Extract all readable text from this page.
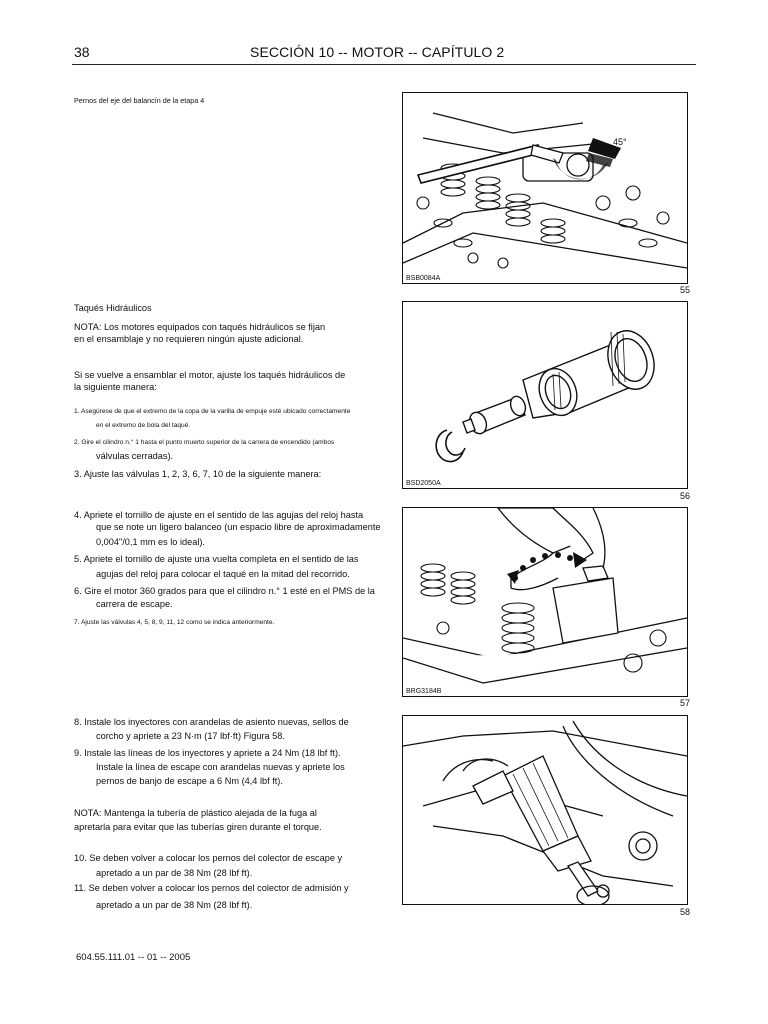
38	SECCIÓN 10 -- MOTOR -- CAPÍTULO 2
Pernos del eje del balancín de la etapa 4
Taqués Hidráulicos
NOTA: Los motores equipados con taqués hidráulicos se fijan
en el ensamblaje y no requieren ningún ajuste adicional.
Si se vuelve a ensamblar el motor, ajuste los taqués hidráulicos de
la siguiente manera:
1. Asegúrese de que el extremo de la copa de la varilla de empuje esté ubicado correctamente
en el extremo de bola del taqué.
2. Gire el cilindro n.° 1 hasta el punto muerto superior de la carrera de encendido (ambos
válvulas cerradas).
3. Ajuste las válvulas 1, 2, 3, 6, 7, 10 de la siguiente manera:
4. Apriete el tornillo de ajuste en el sentido de las agujas del reloj hasta
que se note un ligero balanceo (un espacio libre de aproximadamente
0,004"/0,1 mm es lo ideal).
5. Apriete el tornillo de ajuste una vuelta completa en el sentido de las
agujas del reloj para colocar el taqué en la mitad del recorrido.
6. Gire el motor 360 grados para que el cilindro n.° 1 esté en el PMS de la
carrera de escape.
7. Ajuste las válvulas 4, 5, 8, 9, 11, 12 como se indica anteriormente.
8. Instale los inyectores con arandelas de asiento nuevas, sellos de
corcho y apriete a 23 N·m (17 lbf·ft) Figura 58.
9. Instale las líneas de los inyectores y apriete a 24 Nm (18 lbf ft).
Instale la línea de escape con arandelas nuevas y apriete los
pernos de banjo de escape a 6 Nm (4,4 lbf ft).
NOTA: Mantenga la tubería de plástico alejada de la fuga al
apretarla para evitar que las tuberías giren durante el torque.
10. Se deben volver a colocar los pernos del colector de escape y
apretado a un par de 38 Nm (28 lbf ft).
11. Se deben volver a colocar los pernos del colector de admisión y
apretado a un par de 38 Nm (28 lbf ft).
45°
BSB0084A
55
BSD2050A
56
BRG3184B
57
58
604.55.111.01 -- 01 -- 2005
